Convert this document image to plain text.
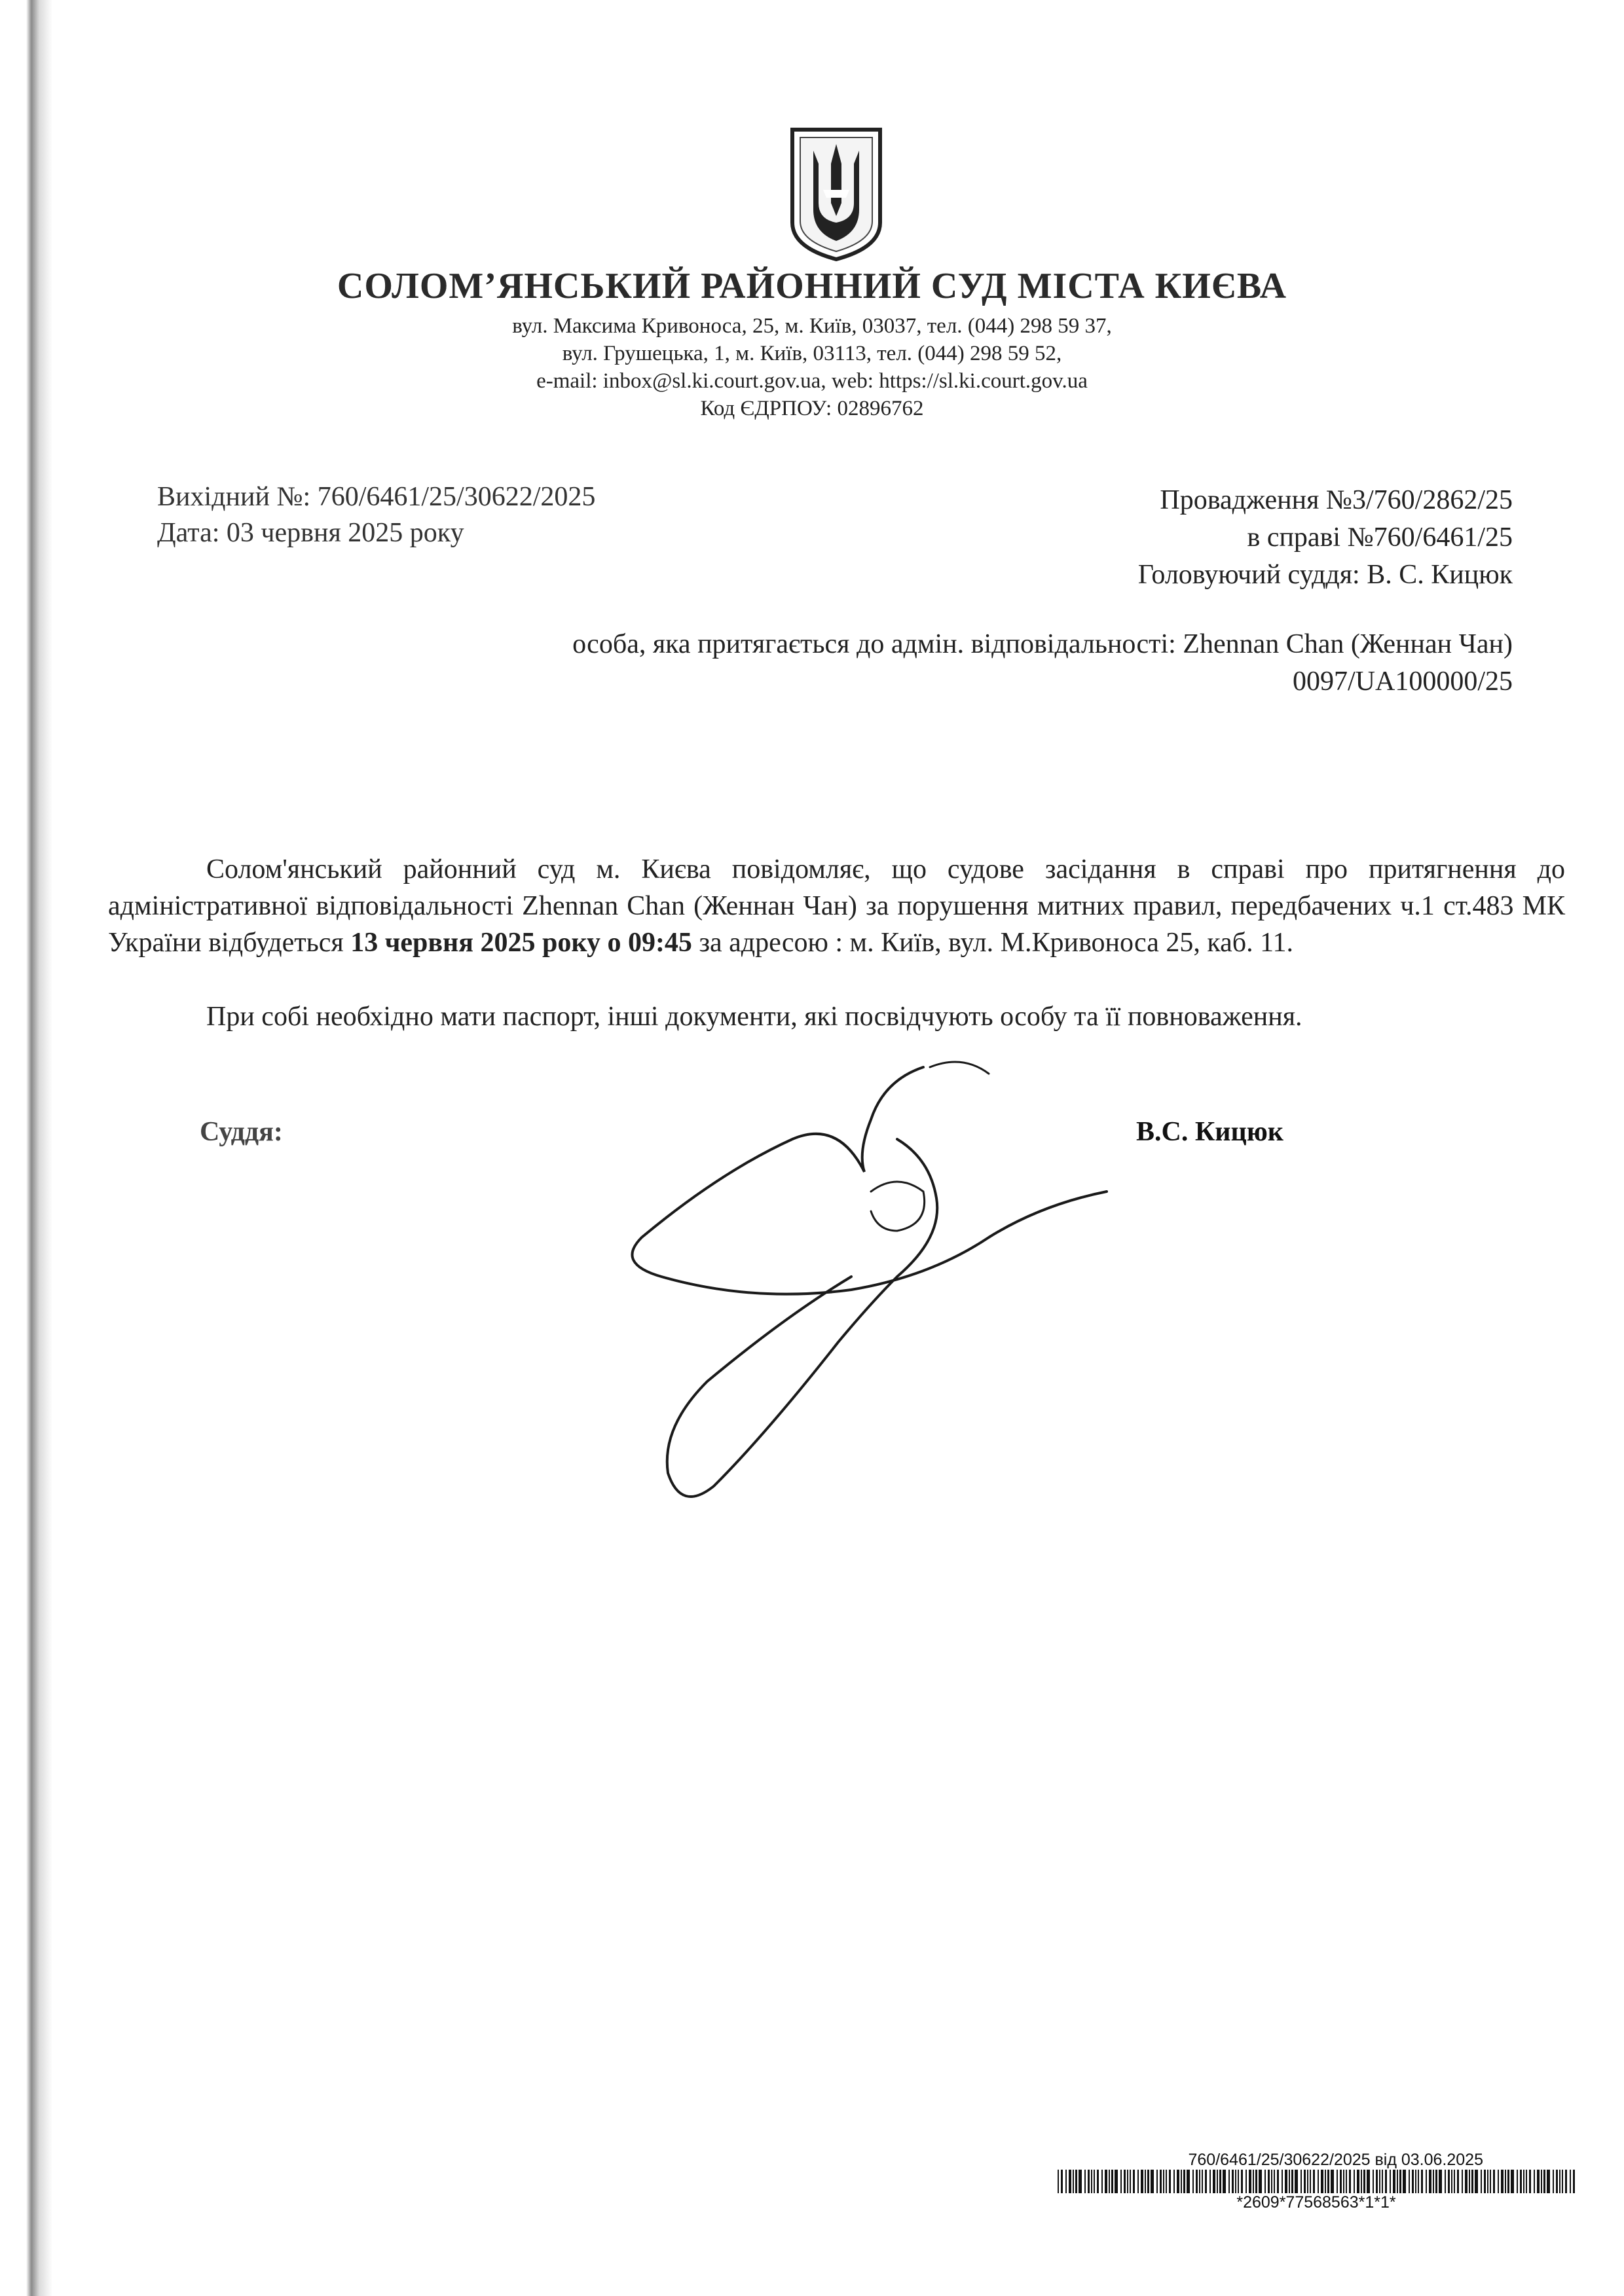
СОЛОМ’ЯНСЬКИЙ РАЙОННИЙ СУД МІСТА КИЄВА
вул. Максима Кривоноса, 25, м. Київ, 03037, тел. (044) 298 59 37,
вул. Грушецька, 1, м. Київ, 03113, тел. (044) 298 59 52,
e-mail: inbox@sl.ki.court.gov.ua, web: https://sl.ki.court.gov.ua
Код ЄДРПОУ: 02896762
Вихідний №: 760/6461/25/30622/2025
Дата: 03 червня 2025 року
Провадження №3/760/2862/25
в справі №760/6461/25
Головуючий суддя: В. С. Кицюк
особа, яка притягається до адмін. відповідальності: Zhennan Chan (Женнан Чан)
0097/UA100000/25
Солом'янський районний суд м. Києва повідомляє, що судове засідання в справі про притягнення до адміністративної відповідальності Zhennan Chan (Женнан Чан) за порушення митних правил, передбачених ч.1 ст.483 МК України відбудеться 13 червня 2025 року о 09:45 за адресою : м. Київ, вул. М.Кривоноса 25, каб. 11.
При собі необхідно мати паспорт, інші документи, які посвідчують особу та її повноваження.
Суддя:	В.С. Кицюк
760/6461/25/30622/2025 від 03.06.2025
*2609*77568563*1*1*
